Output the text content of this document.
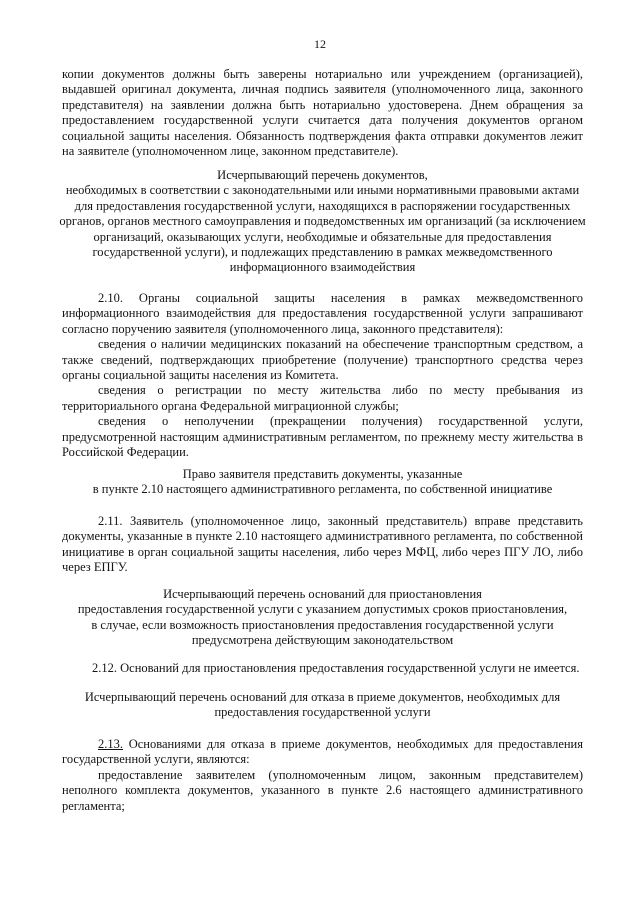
12
копии документов должны быть заверены нотариально или учреждением (организацией), выдавшей оригинал документа, личная подпись заявителя (уполномоченного лица, законного представителя) на заявлении должна быть нотариально удостоверена. Днем обращения за предоставлением государственной услуги считается дата получения документов органом социальной защиты населения. Обязанность подтверждения факта отправки документов лежит на заявителе (уполномоченном лице, законном представителе).
Исчерпывающий перечень документов,
необходимых в соответствии с законодательными или иными нормативными правовыми актами
для предоставления государственной услуги, находящихся в распоряжении государственных
органов, органов местного самоуправления и подведомственных им организаций (за исключением
организаций, оказывающих услуги, необходимые и обязательные для предоставления
государственной услуги), и подлежащих представлению в рамках межведомственного
информационного взаимодействия
2.10. Органы социальной защиты населения в рамках межведомственного информационного взаимодействия для предоставления государственной услуги запрашивают согласно поручению заявителя (уполномоченного лица, законного представителя):
сведения о наличии медицинских показаний на обеспечение транспортным средством, а также сведений, подтверждающих приобретение (получение) транспортного средства через органы социальной защиты населения из Комитета.
сведения о регистрации по месту жительства либо по месту пребывания из территориального органа Федеральной миграционной службы;
сведения о неполучении (прекращении получения) государственной услуги, предусмотренной настоящим административным регламентом, по прежнему месту жительства в Российской Федерации.
Право заявителя представить документы, указанные
в пункте 2.10 настоящего административного регламента, по собственной инициативе
2.11. Заявитель (уполномоченное лицо, законный представитель) вправе представить документы, указанные в пункте 2.10 настоящего административного регламента, по собственной инициативе в орган социальной защиты населения, либо через МФЦ, либо через ПГУ ЛО, либо через ЕПГУ.
Исчерпывающий перечень оснований для приостановления
предоставления государственной услуги с указанием допустимых сроков приостановления,
в случае, если возможность приостановления предоставления государственной услуги
предусмотрена действующим законодательством
2.12. Оснований для приостановления предоставления государственной услуги не имеется.
Исчерпывающий перечень оснований для отказа в приеме документов, необходимых для
предоставления государственной услуги
2.13. Основаниями для отказа в приеме документов, необходимых для предоставления государственной услуги, являются:
предоставление заявителем (уполномоченным лицом, законным представителем) неполного комплекта документов, указанного в пункте 2.6 настоящего административного регламента;
